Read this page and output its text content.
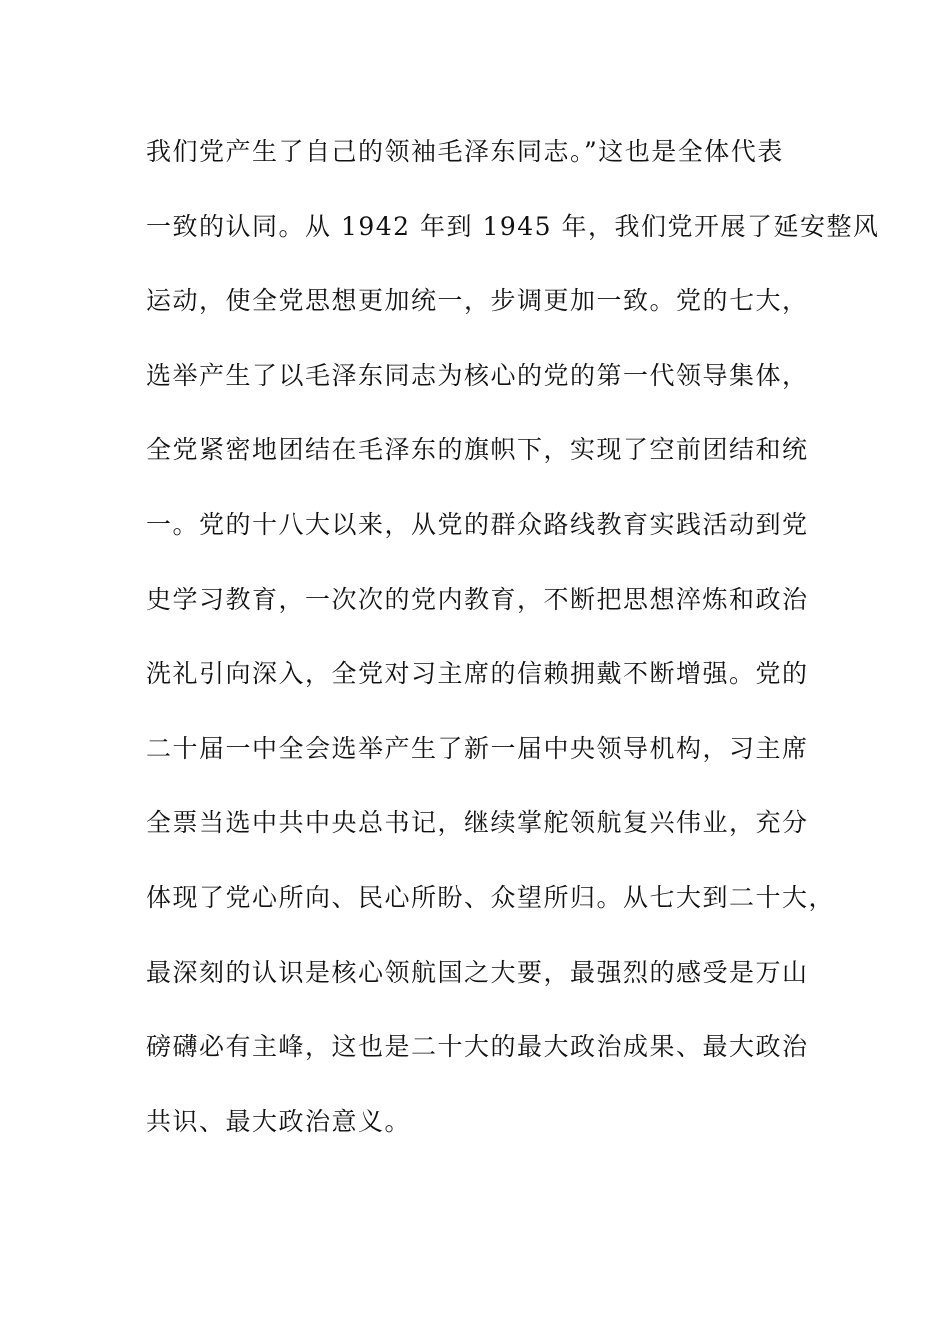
我们党产生了自己的领袖毛泽东同志。”这也是全体代表
一致的认同。从 1942 年到 1945 年，我们党开展了延安整风
运动，使全党思想更加统一，步调更加一致。党的七大，
选举产生了以毛泽东同志为核心的党的第一代领导集体，
全党紧密地团结在毛泽东的旗帜下，实现了空前团结和统
一。党的十八大以来，从党的群众路线教育实践活动到党
史学习教育，一次次的党内教育，不断把思想淬炼和政治
洗礼引向深入，全党对习主席的信赖拥戴不断增强。党的
二十届一中全会选举产生了新一届中央领导机构，习主席
全票当选中共中央总书记，继续掌舵领航复兴伟业，充分
体现了党心所向、民心所盼、众望所归。从七大到二十大，
最深刻的认识是核心领航国之大要，最强烈的感受是万山
磅礴必有主峰，这也是二十大的最大政治成果、最大政治
共识、最大政治意义。
